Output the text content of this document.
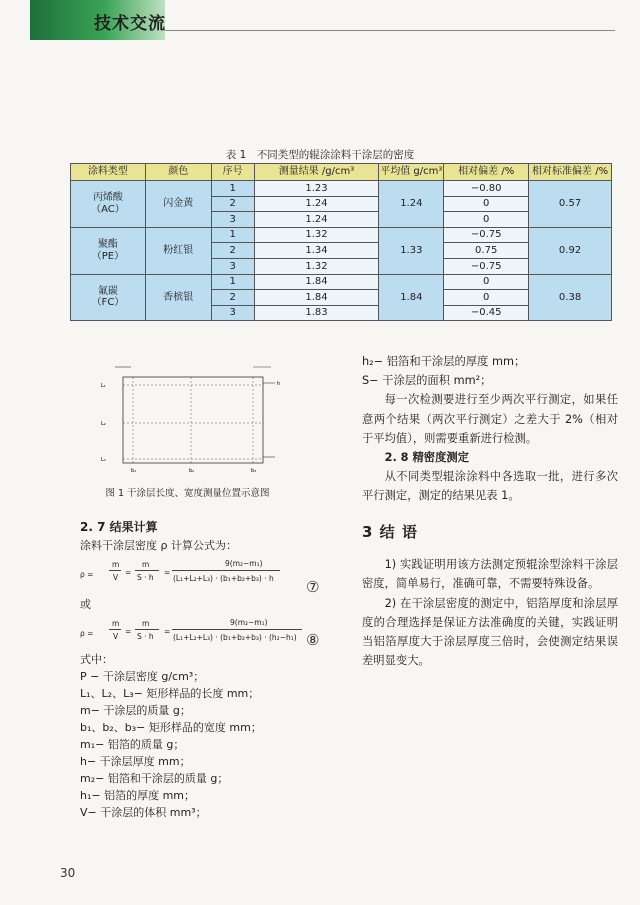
技术交流
表 1　不同类型的辊涂涂料干涂层的密度
涂料类型	颜色	序号	测量结果 /g/cm³	平均值 g/cm³	相对偏差 /%	相对标准偏差 /%
丙烯酸
（AC）	闪金黄	1	1.23	1.24	−0.80	0.57
		2	1.24		0	
		3	1.24		0	
聚酯
（PE）	粉红银	1	1.32	1.33	−0.75	0.92
		2	1.34		0.75	
		3	1.32		−0.75	
氟碳
（FC）	香槟银	1	1.84	1.84	0	0.38
		2	1.84		0	
		3	1.83		−0.45	
L₁
L₂
L₃
b₁	b₂	b₃
h
图 1 干涂层长度、宽度测量位置示意图
2. 7 结果计算
涂料干涂层密度 ρ 计算公式为：
ρ =
m
V
=
m
S · h
=
9(m₂−m₁)
(L₁+L₂+L₃) · (b₁+b₂+b₃) · h ⑦
或
ρ =
m
V
=
m
S · h
=
9(m₂−m₁)
(L₁+L₂+L₃) · (b₁+b₂+b₃) · (h₂−h₁) ⑧
式中：
P − 干涂层密度 g/cm³；
L₁、L₂、L₃− 矩形样品的长度 mm；
m− 干涂层的质量 g；
b₁、b₂、b₃− 矩形样品的宽度 mm；
m₁− 铝箔的质量 g；
h− 干涂层厚度 mm；
m₂− 铝箔和干涂层的质量 g；
h₁− 铝箔的厚度 mm；
V− 干涂层的体积 mm³；

h₂− 铝箔和干涂层的厚度 mm；

S− 干涂层的面积 mm²；

每一次检测要进行至少两次平行测定，如果任意两个结果（两次平行测定）之差大于 2%（相对于平均值），则需要重新进行检测。

2. 8 精密度测定

从不同类型辊涂涂料中各选取一批，进行多次平行测定，测定的结果见表 1。

3 结 语

1) 实践证明用该方法测定预辊涂型涂料干涂层密度，简单易行，准确可靠，不需要特殊设备。

2) 在干涂层密度的测定中，铝箔厚度和涂层厚度的合理选择是保证方法准确度的关键，实践证明当铝箔厚度大于涂层厚度三倍时，会使测定结果误差明显变大。

30
